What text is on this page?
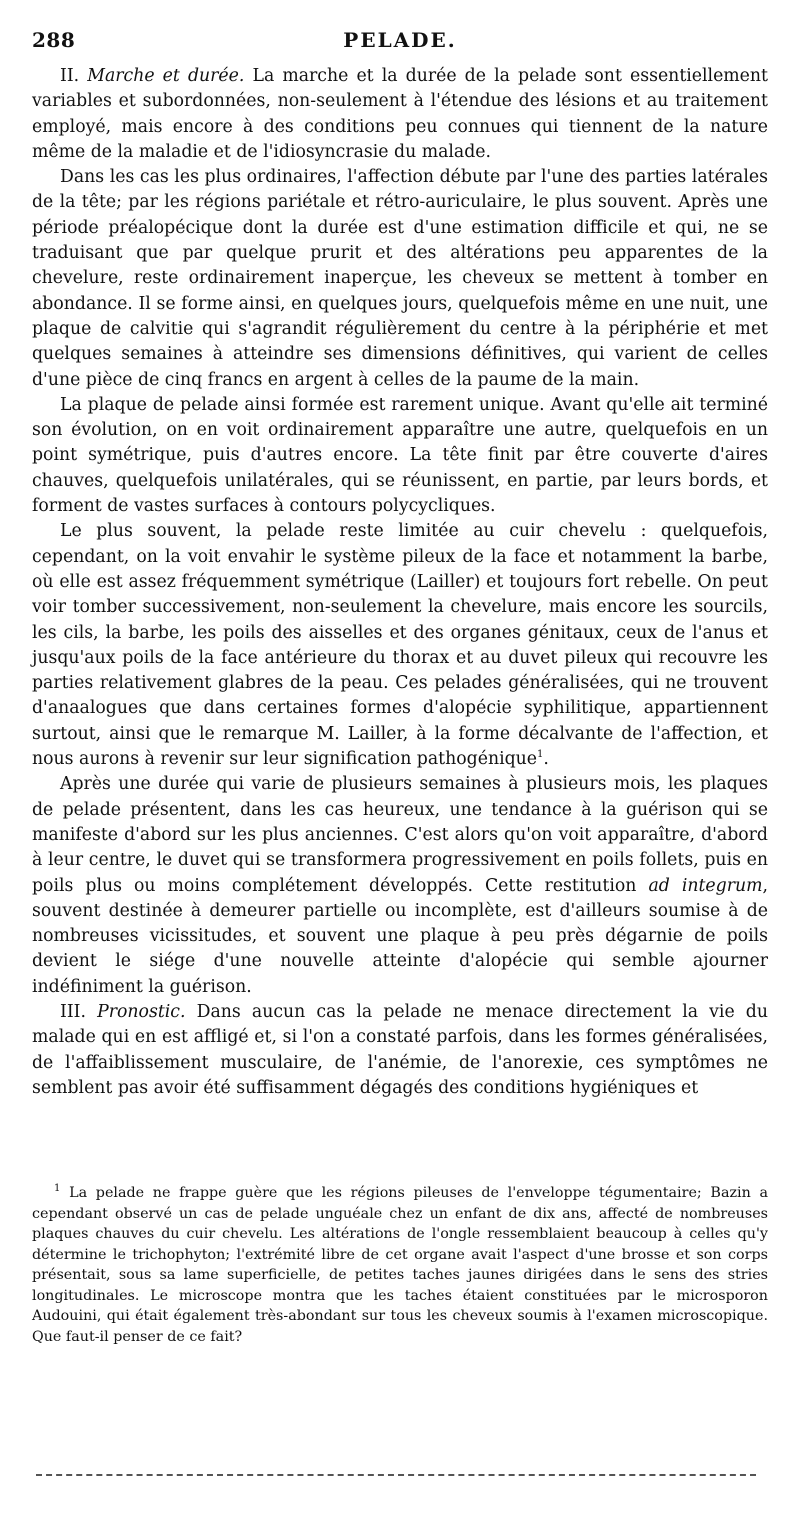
288	PELADE.

II. Marche et durée. La marche et la durée de la pelade sont essentiellement variables et subordonnées, non-seulement à l'étendue des lésions et au traitement employé, mais encore à des conditions peu connues qui tiennent de la nature même de la maladie et de l'idiosyncrasie du malade.

Dans les cas les plus ordinaires, l'affection débute par l'une des parties latérales de la tête; par les régions pariétale et rétro-auriculaire, le plus souvent. Après une période préalopécique dont la durée est d'une estimation difficile et qui, ne se traduisant que par quelque prurit et des altérations peu apparentes de la chevelure, reste ordinairement inaperçue, les cheveux se mettent à tomber en abondance. Il se forme ainsi, en quelques jours, quelquefois même en une nuit, une plaque de calvitie qui s'agrandit régulièrement du centre à la périphérie et met quelques semaines à atteindre ses dimensions définitives, qui varient de celles d'une pièce de cinq francs en argent à celles de la paume de la main.

La plaque de pelade ainsi formée est rarement unique. Avant qu'elle ait terminé son évolution, on en voit ordinairement apparaître une autre, quelquefois en un point symétrique, puis d'autres encore. La tête finit par être couverte d'aires chauves, quelquefois unilatérales, qui se réunissent, en partie, par leurs bords, et forment de vastes surfaces à contours polycycliques.

Le plus souvent, la pelade reste limitée au cuir chevelu : quelquefois, cependant, on la voit envahir le système pileux de la face et notamment la barbe, où elle est assez fréquemment symétrique (Lailler) et toujours fort rebelle. On peut voir tomber successivement, non-seulement la chevelure, mais encore les sourcils, les cils, la barbe, les poils des aisselles et des organes génitaux, ceux de l'anus et jusqu'aux poils de la face antérieure du thorax et au duvet pileux qui recouvre les parties relativement glabres de la peau. Ces pelades généralisées, qui ne trouvent d'anaalogues que dans certaines formes d'alopécie syphilitique, appartiennent surtout, ainsi que le remarque M. Lailler, à la forme décalvante de l'affection, et nous aurons à revenir sur leur signification pathogénique$^1$.

Après une durée qui varie de plusieurs semaines à plusieurs mois, les plaques de pelade présentent, dans les cas heureux, une tendance à la guérison qui se manifeste d'abord sur les plus anciennes. C'est alors qu'on voit apparaître, d'abord à leur centre, le duvet qui se transformera progressivement en poils follets, puis en poils plus ou moins complétement développés. Cette restitution ad integrum, souvent destinée à demeurer partielle ou incomplète, est d'ailleurs soumise à de nombreuses vicissitudes, et souvent une plaque à peu près dégarnie de poils devient le siége d'une nouvelle atteinte d'alopécie qui semble ajourner indéfiniment la guérison.

III. Pronostic. Dans aucun cas la pelade ne menace directement la vie du malade qui en est affligé et, si l'on a constaté parfois, dans les formes généralisées, de l'affaiblissement musculaire, de l'anémie, de l'anorexie, ces symptômes ne semblent pas avoir été suffisamment dégagés des conditions hygiéniques et

$^1$ La pelade ne frappe guère que les régions pileuses de l'enveloppe tégumentaire; Bazin a cependant observé un cas de pelade unguéale chez un enfant de dix ans, affecté de nombreuses plaques chauves du cuir chevelu. Les altérations de l'ongle ressemblaient beaucoup à celles qu'y détermine le trichophyton; l'extrémité libre de cet organe avait l'aspect d'une brosse et son corps présentait, sous sa lame superficielle, de petites taches jaunes dirigées dans le sens des stries longitudinales. Le microscope montra que les taches étaient constituées par le microsporon Audouini, qui était également très-abondant sur tous les cheveux soumis à l'examen microscopique. Que faut-il penser de ce fait?
